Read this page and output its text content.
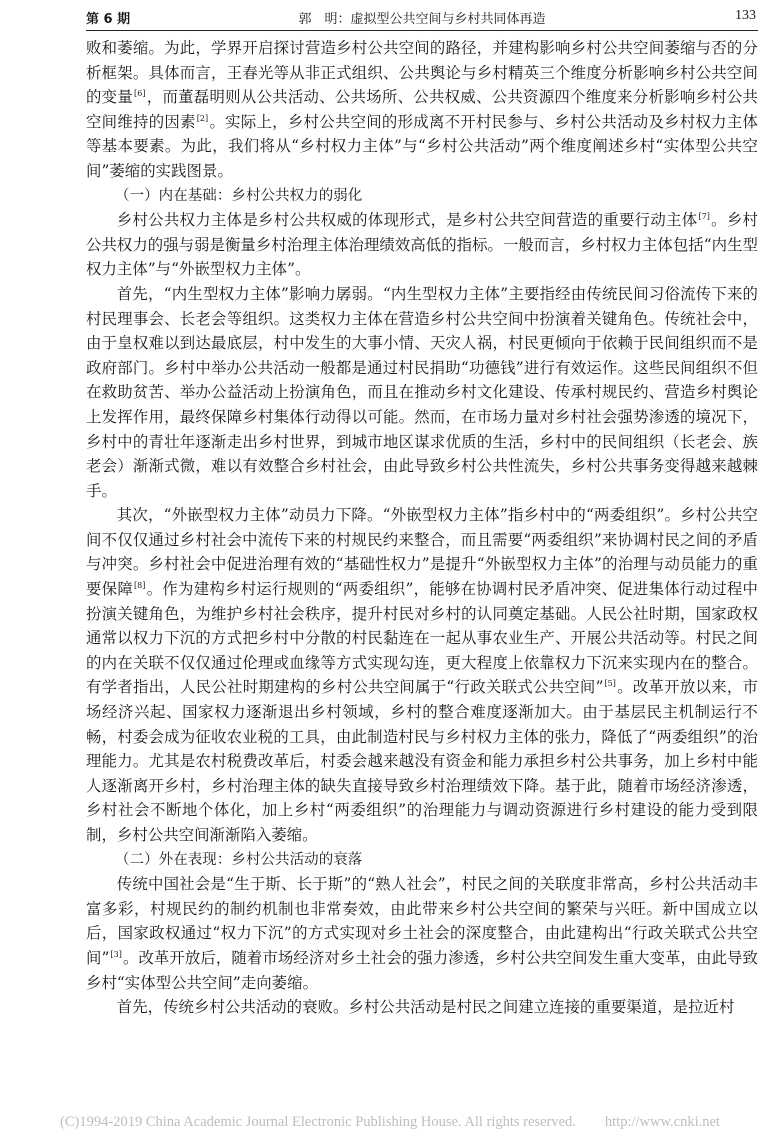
第 6 期	郭　明：虚拟型公共空间与乡村共同体再造	133

败和萎缩。为此，学界开启探讨营造乡村公共空间的路径，并建构影响乡村公共空间萎缩与否的分析框架。具体而言，王春光等从非正式组织、公共舆论与乡村精英三个维度分析影响乡村公共空间的变量[6]，而董磊明则从公共活动、公共场所、公共权威、公共资源四个维度来分析影响乡村公共空间维持的因素[2]。实际上，乡村公共空间的形成离不开村民参与、乡村公共活动及乡村权力主体等基本要素。为此，我们将从“乡村权力主体”与“乡村公共活动”两个维度阐述乡村“实体型公共空间”萎缩的实践图景。

（一）内在基础：乡村公共权力的弱化

乡村公共权力主体是乡村公共权威的体现形式，是乡村公共空间营造的重要行动主体[7]。乡村公共权力的强与弱是衡量乡村治理主体治理绩效高低的指标。一般而言，乡村权力主体包括“内生型权力主体”与“外嵌型权力主体”。

首先，“内生型权力主体”影响力孱弱。“内生型权力主体”主要指经由传统民间习俗流传下来的村民理事会、长老会等组织。这类权力主体在营造乡村公共空间中扮演着关键角色。传统社会中，由于皇权难以到达最底层，村中发生的大事小情、天灾人祸，村民更倾向于依赖于民间组织而不是政府部门。乡村中举办公共活动一般都是通过村民捐助“功德钱”进行有效运作。这些民间组织不但在救助贫苦、举办公益活动上扮演角色，而且在推动乡村文化建设、传承村规民约、营造乡村舆论上发挥作用，最终保障乡村集体行动得以可能。然而，在市场力量对乡村社会强势渗透的境况下，乡村中的青壮年逐渐走出乡村世界，到城市地区谋求优质的生活，乡村中的民间组织（长老会、族老会）渐渐式微，难以有效整合乡村社会，由此导致乡村公共性流失，乡村公共事务变得越来越棘手。

其次，“外嵌型权力主体”动员力下降。“外嵌型权力主体”指乡村中的“两委组织”。乡村公共空间不仅仅通过乡村社会中流传下来的村规民约来整合，而且需要“两委组织”来协调村民之间的矛盾与冲突。乡村社会中促进治理有效的“基础性权力”是提升“外嵌型权力主体”的治理与动员能力的重要保障[8]。作为建构乡村运行规则的“两委组织”，能够在协调村民矛盾冲突、促进集体行动过程中扮演关键角色，为维护乡村社会秩序，提升村民对乡村的认同奠定基础。人民公社时期，国家政权通常以权力下沉的方式把乡村中分散的村民黏连在一起从事农业生产、开展公共活动等。村民之间的内在关联不仅仅通过伦理或血缘等方式实现勾连，更大程度上依靠权力下沉来实现内在的整合。有学者指出，人民公社时期建构的乡村公共空间属于“行政关联式公共空间”[5]。改革开放以来，市场经济兴起、国家权力逐渐退出乡村领域，乡村的整合难度逐渐加大。由于基层民主机制运行不畅，村委会成为征收农业税的工具，由此制造村民与乡村权力主体的张力，降低了“两委组织”的治理能力。尤其是农村税费改革后，村委会越来越没有资金和能力承担乡村公共事务，加上乡村中能人逐渐离开乡村，乡村治理主体的缺失直接导致乡村治理绩效下降。基于此，随着市场经济渗透，乡村社会不断地个体化，加上乡村“两委组织”的治理能力与调动资源进行乡村建设的能力受到限制，乡村公共空间渐渐陷入萎缩。

（二）外在表现：乡村公共活动的衰落

传统中国社会是“生于斯、长于斯”的“熟人社会”，村民之间的关联度非常高，乡村公共活动丰富多彩，村规民约的制约机制也非常奏效，由此带来乡村公共空间的繁荣与兴旺。新中国成立以后，国家政权通过“权力下沉”的方式实现对乡土社会的深度整合，由此建构出“行政关联式公共空间”[3]。改革开放后，随着市场经济对乡土社会的强力渗透，乡村公共空间发生重大变革，由此导致乡村“实体型公共空间”走向萎缩。

首先，传统乡村公共活动的衰败。乡村公共活动是村民之间建立连接的重要渠道，是拉近村

(C)1994-2019 China Academic Journal Electronic Publishing House. All rights reserved.　　http://www.cnki.net
